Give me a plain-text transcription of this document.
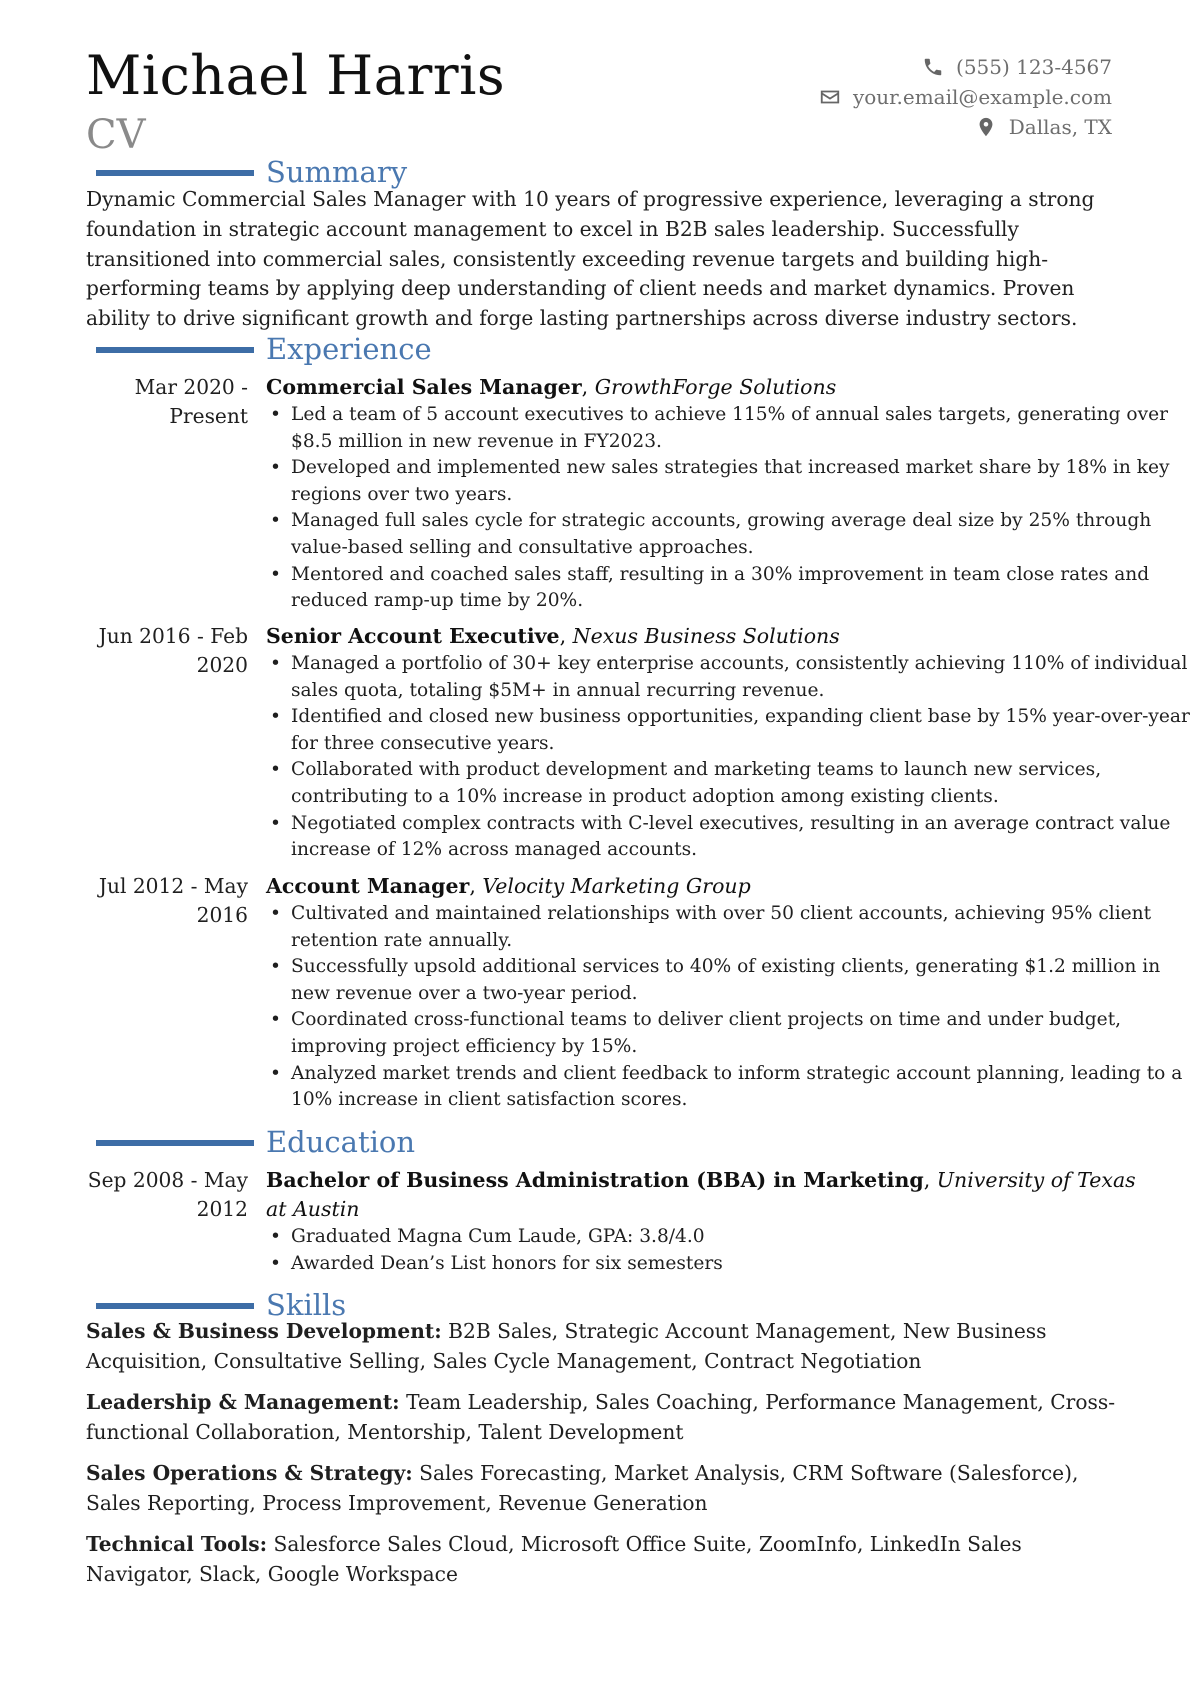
Michael Harris
CV
(555) 123-4567
your.email@example.com
Dallas, TX
Summary

Dynamic Commercial Sales Manager with 10 years of progressive experience, leveraging a strong foundation in strategic account management to excel in B2B sales leadership. Successfully transitioned into commercial sales, consistently exceeding revenue targets and building high-performing teams by applying deep understanding of client needs and market dynamics. Proven ability to drive significant growth and forge lasting partnerships across diverse industry sectors.

Experience
Mar 2020 -
Present
Commercial Sales Manager, GrowthForge Solutions
• Led a team of 5 account executives to achieve 115% of annual sales targets, generating over $8.5 million in new revenue in FY2023.
• Developed and implemented new sales strategies that increased market share by 18% in key regions over two years.
• Managed full sales cycle for strategic accounts, growing average deal size by 25% through value-based selling and consultative approaches.
• Mentored and coached sales staff, resulting in a 30% improvement in team close rates and reduced ramp-up time by 20%.
Jun 2016 - Feb
2020
Senior Account Executive, Nexus Business Solutions
• Managed a portfolio of 30+ key enterprise accounts, consistently achieving 110% of individual sales quota, totaling $5M+ in annual recurring revenue.
• Identified and closed new business opportunities, expanding client base by 15% year-over-year for three consecutive years.
• Collaborated with product development and marketing teams to launch new services, contributing to a 10% increase in product adoption among existing clients.
• Negotiated complex contracts with C-level executives, resulting in an average contract value increase of 12% across managed accounts.
Jul 2012 - May
2016
Account Manager, Velocity Marketing Group
• Cultivated and maintained relationships with over 50 client accounts, achieving 95% client retention rate annually.
• Successfully upsold additional services to 40% of existing clients, generating $1.2 million in new revenue over a two-year period.
• Coordinated cross-functional teams to deliver client projects on time and under budget, improving project efficiency by 15%.
• Analyzed market trends and client feedback to inform strategic account planning, leading to a 10% increase in client satisfaction scores.
Education
Sep 2008 - May
2012
Bachelor of Business Administration (BBA) in Marketing, University of Texas at Austin
• Graduated Magna Cum Laude, GPA: 3.8/4.0
• Awarded Dean’s List honors for six semesters
Skills

Sales & Business Development: B2B Sales, Strategic Account Management, New Business Acquisition, Consultative Selling, Sales Cycle Management, Contract Negotiation

Leadership & Management: Team Leadership, Sales Coaching, Performance Management, Cross-functional Collaboration, Mentorship, Talent Development

Sales Operations & Strategy: Sales Forecasting, Market Analysis, CRM Software (Salesforce), Sales Reporting, Process Improvement, Revenue Generation

Technical Tools: Salesforce Sales Cloud, Microsoft Office Suite, ZoomInfo, LinkedIn Sales Navigator, Slack, Google Workspace
